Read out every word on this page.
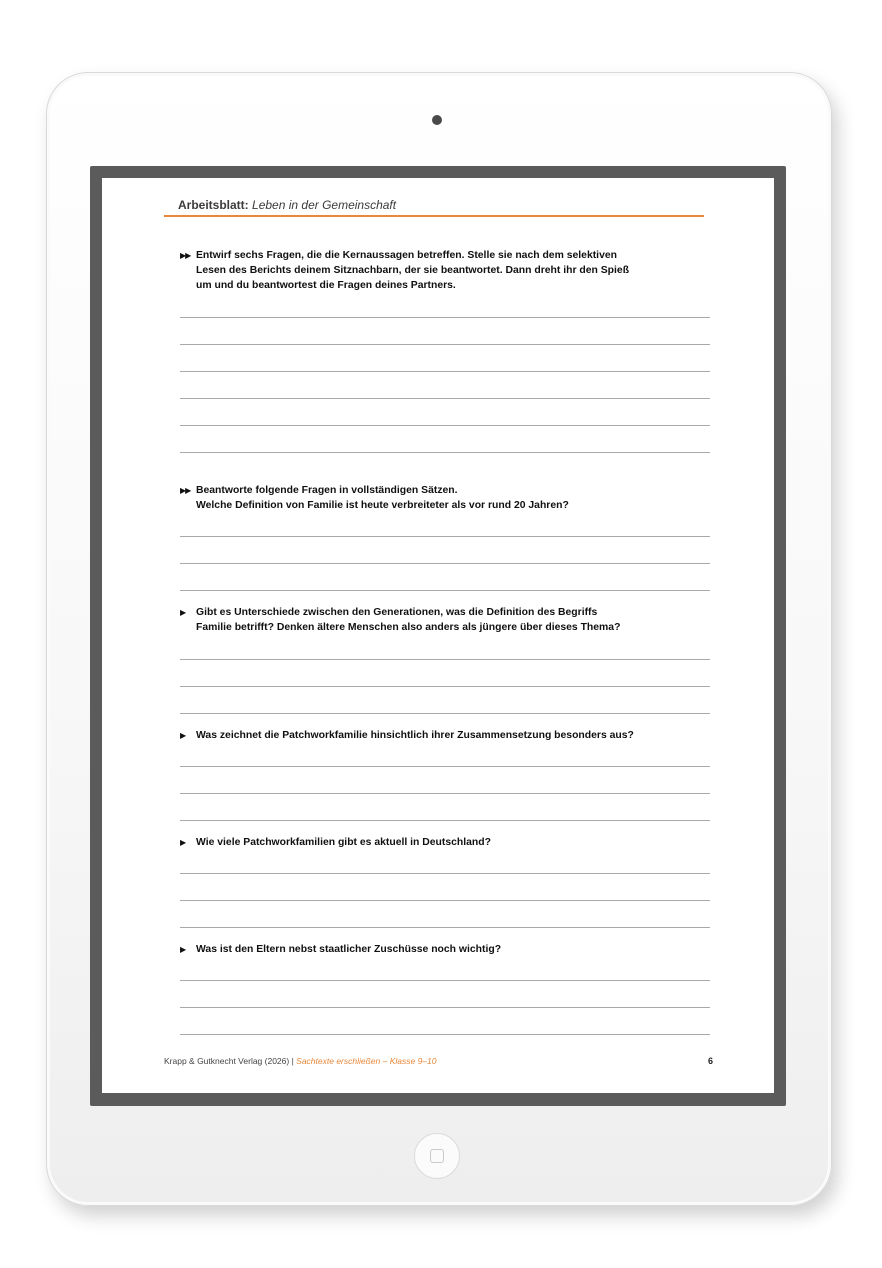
Arbeitsblatt: Leben in der Gemeinschaft
▶▶ Entwirf sechs Fragen, die die Kernaussagen betreffen. Stelle sie nach dem selektiven
Lesen des Berichts deinem Sitznachbarn, der sie beantwortet. Dann dreht ihr den Spieß
um und du beantwortest die Fragen deines Partners.
▶▶ Beantworte folgende Fragen in vollständigen Sätzen.
Welche Definition von Familie ist heute verbreiteter als vor rund 20 Jahren?
▶ Gibt es Unterschiede zwischen den Generationen, was die Definition des Begriffs
Familie betrifft? Denken ältere Menschen also anders als jüngere über dieses Thema?
▶ Was zeichnet die Patchworkfamilie hinsichtlich ihrer Zusammensetzung besonders aus?
▶ Wie viele Patchworkfamilien gibt es aktuell in Deutschland?
▶ Was ist den Eltern nebst staatlicher Zuschüsse noch wichtig?
Krapp & Gutknecht Verlag (2026) | Sachtexte erschließen – Klasse 9–10	6
